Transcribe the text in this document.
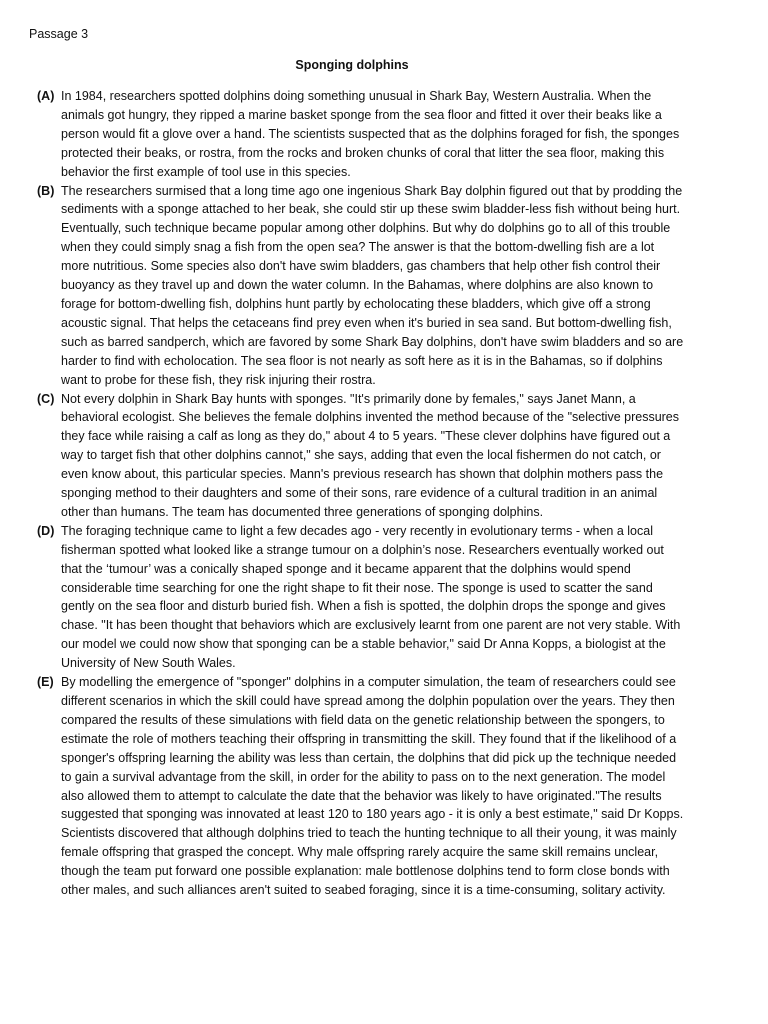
Passage 3
Sponging dolphins
(A) In 1984, researchers spotted dolphins doing something unusual in Shark Bay, Western Australia. When the animals got hungry, they ripped a marine basket sponge from the sea floor and fitted it over their beaks like a person would fit a glove over a hand. The scientists suspected that as the dolphins foraged for fish, the sponges protected their beaks, or rostra, from the rocks and broken chunks of coral that litter the sea floor, making this behavior the first example of tool use in this species.

(B) The researchers surmised that a long time ago one ingenious Shark Bay dolphin figured out that by prodding the sediments with a sponge attached to her beak, she could stir up these swim bladder-less fish without being hurt. Eventually, such technique became popular among other dolphins. But why do dolphins go to all of this trouble when they could simply snag a fish from the open sea? The answer is that the bottom-dwelling fish are a lot more nutritious. Some species also don't have swim bladders, gas chambers that help other fish control their buoyancy as they travel up and down the water column. In the Bahamas, where dolphins are also known to forage for bottom-dwelling fish, dolphins hunt partly by echolocating these bladders, which give off a strong acoustic signal. That helps the cetaceans find prey even when it's buried in sea sand. But bottom-dwelling fish, such as barred sandperch, which are favored by some Shark Bay dolphins, don't have swim bladders and so are harder to find with echolocation. The sea floor is not nearly as soft here as it is in the Bahamas, so if dolphins want to probe for these fish, they risk injuring their rostra.

(C) Not every dolphin in Shark Bay hunts with sponges. "It's primarily done by females," says Janet Mann, a behavioral ecologist. She believes the female dolphins invented the method because of the "selective pressures they face while raising a calf as long as they do," about 4 to 5 years. "These clever dolphins have figured out a way to target fish that other dolphins cannot," she says, adding that even the local fishermen do not catch, or even know about, this particular species. Mann's previous research has shown that dolphin mothers pass the sponging method to their daughters and some of their sons, rare evidence of a cultural tradition in an animal other than humans. The team has documented three generations of sponging dolphins.

(D) The foraging technique came to light a few decades ago - very recently in evolutionary terms - when a local fisherman spotted what looked like a strange tumour on a dolphin’s nose. Researchers eventually worked out that the ‘tumour’ was a conically shaped sponge and it became apparent that the dolphins would spend considerable time searching for one the right shape to fit their nose. The sponge is used to scatter the sand gently on the sea floor and disturb buried fish. When a fish is spotted, the dolphin drops the sponge and gives chase. "It has been thought that behaviors which are exclusively learnt from one parent are not very stable. With our model we could now show that sponging can be a stable behavior," said Dr Anna Kopps, a biologist at the University of New South Wales.

(E) By modelling the emergence of "sponger" dolphins in a computer simulation, the team of researchers could see different scenarios in which the skill could have spread among the dolphin population over the years. They then compared the results of these simulations with field data on the genetic relationship between the spongers, to estimate the role of mothers teaching their offspring in transmitting the skill. They found that if the likelihood of a sponger's offspring learning the ability was less than certain, the dolphins that did pick up the technique needed to gain a survival advantage from the skill, in order for the ability to pass on to the next generation. The model also allowed them to attempt to calculate the date that the behavior was likely to have originated."The results suggested that sponging was innovated at least 120 to 180 years ago - it is only a best estimate," said Dr Kopps. Scientists discovered that although dolphins tried to teach the hunting technique to all their young, it was mainly female offspring that grasped the concept. Why male offspring rarely acquire the same skill remains unclear, though the team put forward one possible explanation: male bottlenose dolphins tend to form close bonds with other males, and such alliances aren't suited to seabed foraging, since it is a time-consuming, solitary activity.
